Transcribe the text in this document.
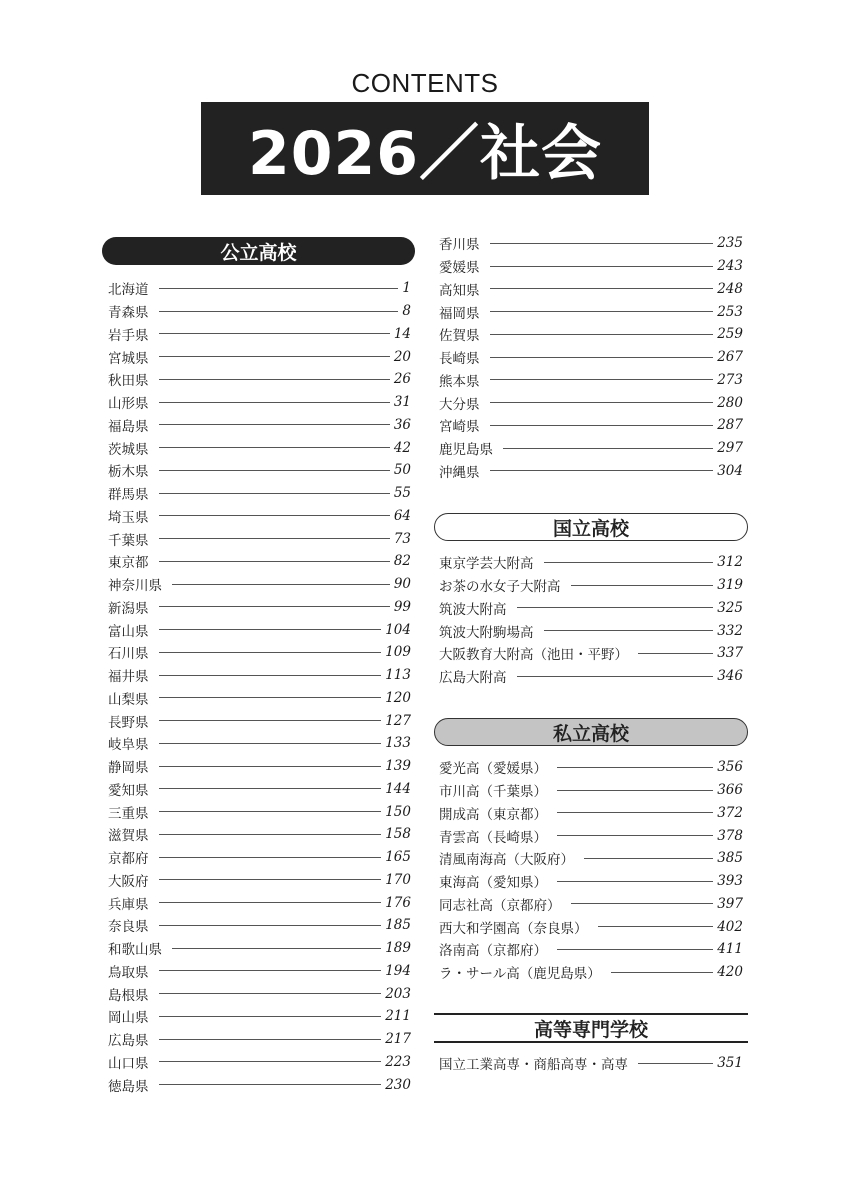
CONTENTS
2026／社会
公立高校
北海道	1
青森県	8
岩手県	14
宮城県	20
秋田県	26
山形県	31
福島県	36
茨城県	42
栃木県	50
群馬県	55
埼玉県	64
千葉県	73
東京都	82
神奈川県	90
新潟県	99
富山県	104
石川県	109
福井県	113
山梨県	120
長野県	127
岐阜県	133
静岡県	139
愛知県	144
三重県	150
滋賀県	158
京都府	165
大阪府	170
兵庫県	176
奈良県	185
和歌山県	189
鳥取県	194
島根県	203
岡山県	211
広島県	217
山口県	223
徳島県	230
香川県	235
愛媛県	243
高知県	248
福岡県	253
佐賀県	259
長崎県	267
熊本県	273
大分県	280
宮崎県	287
鹿児島県	297
沖縄県	304
国立高校
東京学芸大附高	312
お茶の水女子大附高	319
筑波大附高	325
筑波大附駒場高	332
大阪教育大附高（池田・平野）	337
広島大附高	346
私立高校
愛光高（愛媛県）	356
市川高（千葉県）	366
開成高（東京都）	372
青雲高（長崎県）	378
清風南海高（大阪府）	385
東海高（愛知県）	393
同志社高（京都府）	397
西大和学園高（奈良県）	402
洛南高（京都府）	411
ラ・サール高（鹿児島県）	420
高等専門学校
国立工業高専・商船高専・高専	351
